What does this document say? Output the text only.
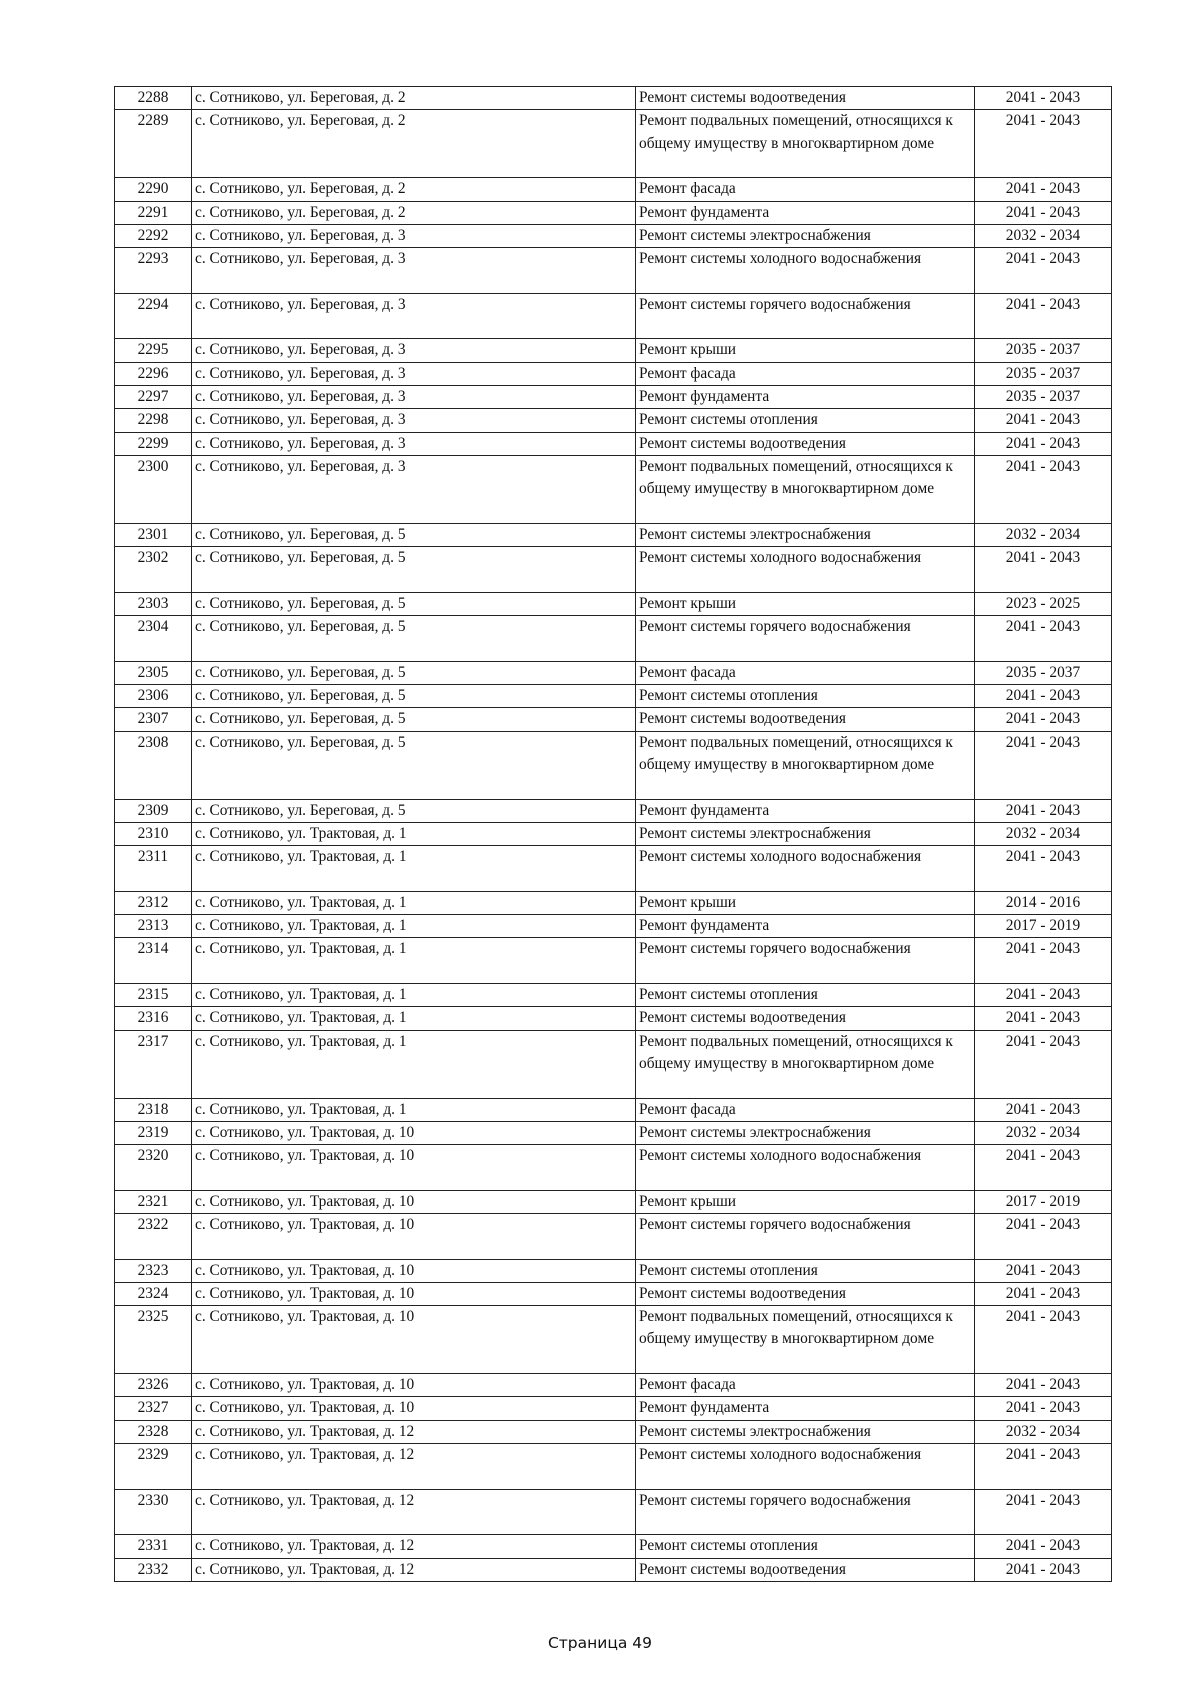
2288	с. Сотниково, ул. Береговая, д. 2	Ремонт системы водоотведения	2041 - 2043
2289	с. Сотниково, ул. Береговая, д. 2	Ремонт подвальных помещений, относящихся к общему имуществу в многоквартирном доме	2041 - 2043
2290	с. Сотниково, ул. Береговая, д. 2	Ремонт фасада	2041 - 2043
2291	с. Сотниково, ул. Береговая, д. 2	Ремонт фундамента	2041 - 2043
2292	с. Сотниково, ул. Береговая, д. 3	Ремонт системы электроснабжения	2032 - 2034
2293	с. Сотниково, ул. Береговая, д. 3	Ремонт системы холодного водоснабжения	2041 - 2043
2294	с. Сотниково, ул. Береговая, д. 3	Ремонт системы горячего водоснабжения	2041 - 2043
2295	с. Сотниково, ул. Береговая, д. 3	Ремонт крыши	2035 - 2037
2296	с. Сотниково, ул. Береговая, д. 3	Ремонт фасада	2035 - 2037
2297	с. Сотниково, ул. Береговая, д. 3	Ремонт фундамента	2035 - 2037
2298	с. Сотниково, ул. Береговая, д. 3	Ремонт системы отопления	2041 - 2043
2299	с. Сотниково, ул. Береговая, д. 3	Ремонт системы водоотведения	2041 - 2043
2300	с. Сотниково, ул. Береговая, д. 3	Ремонт подвальных помещений, относящихся к общему имуществу в многоквартирном доме	2041 - 2043
2301	с. Сотниково, ул. Береговая, д. 5	Ремонт системы электроснабжения	2032 - 2034
2302	с. Сотниково, ул. Береговая, д. 5	Ремонт системы холодного водоснабжения	2041 - 2043
2303	с. Сотниково, ул. Береговая, д. 5	Ремонт крыши	2023 - 2025
2304	с. Сотниково, ул. Береговая, д. 5	Ремонт системы горячего водоснабжения	2041 - 2043
2305	с. Сотниково, ул. Береговая, д. 5	Ремонт фасада	2035 - 2037
2306	с. Сотниково, ул. Береговая, д. 5	Ремонт системы отопления	2041 - 2043
2307	с. Сотниково, ул. Береговая, д. 5	Ремонт системы водоотведения	2041 - 2043
2308	с. Сотниково, ул. Береговая, д. 5	Ремонт подвальных помещений, относящихся к общему имуществу в многоквартирном доме	2041 - 2043
2309	с. Сотниково, ул. Береговая, д. 5	Ремонт фундамента	2041 - 2043
2310	с. Сотниково, ул. Трактовая, д. 1	Ремонт системы электроснабжения	2032 - 2034
2311	с. Сотниково, ул. Трактовая, д. 1	Ремонт системы холодного водоснабжения	2041 - 2043
2312	с. Сотниково, ул. Трактовая, д. 1	Ремонт крыши	2014 - 2016
2313	с. Сотниково, ул. Трактовая, д. 1	Ремонт фундамента	2017 - 2019
2314	с. Сотниково, ул. Трактовая, д. 1	Ремонт системы горячего водоснабжения	2041 - 2043
2315	с. Сотниково, ул. Трактовая, д. 1	Ремонт системы отопления	2041 - 2043
2316	с. Сотниково, ул. Трактовая, д. 1	Ремонт системы водоотведения	2041 - 2043
2317	с. Сотниково, ул. Трактовая, д. 1	Ремонт подвальных помещений, относящихся к общему имуществу в многоквартирном доме	2041 - 2043
2318	с. Сотниково, ул. Трактовая, д. 1	Ремонт фасада	2041 - 2043
2319	с. Сотниково, ул. Трактовая, д. 10	Ремонт системы электроснабжения	2032 - 2034
2320	с. Сотниково, ул. Трактовая, д. 10	Ремонт системы холодного водоснабжения	2041 - 2043
2321	с. Сотниково, ул. Трактовая, д. 10	Ремонт крыши	2017 - 2019
2322	с. Сотниково, ул. Трактовая, д. 10	Ремонт системы горячего водоснабжения	2041 - 2043
2323	с. Сотниково, ул. Трактовая, д. 10	Ремонт системы отопления	2041 - 2043
2324	с. Сотниково, ул. Трактовая, д. 10	Ремонт системы водоотведения	2041 - 2043
2325	с. Сотниково, ул. Трактовая, д. 10	Ремонт подвальных помещений, относящихся к общему имуществу в многоквартирном доме	2041 - 2043
2326	с. Сотниково, ул. Трактовая, д. 10	Ремонт фасада	2041 - 2043
2327	с. Сотниково, ул. Трактовая, д. 10	Ремонт фундамента	2041 - 2043
2328	с. Сотниково, ул. Трактовая, д. 12	Ремонт системы электроснабжения	2032 - 2034
2329	с. Сотниково, ул. Трактовая, д. 12	Ремонт системы холодного водоснабжения	2041 - 2043
2330	с. Сотниково, ул. Трактовая, д. 12	Ремонт системы горячего водоснабжения	2041 - 2043
2331	с. Сотниково, ул. Трактовая, д. 12	Ремонт системы отопления	2041 - 2043
2332	с. Сотниково, ул. Трактовая, д. 12	Ремонт системы водоотведения	2041 - 2043
Страница 49
